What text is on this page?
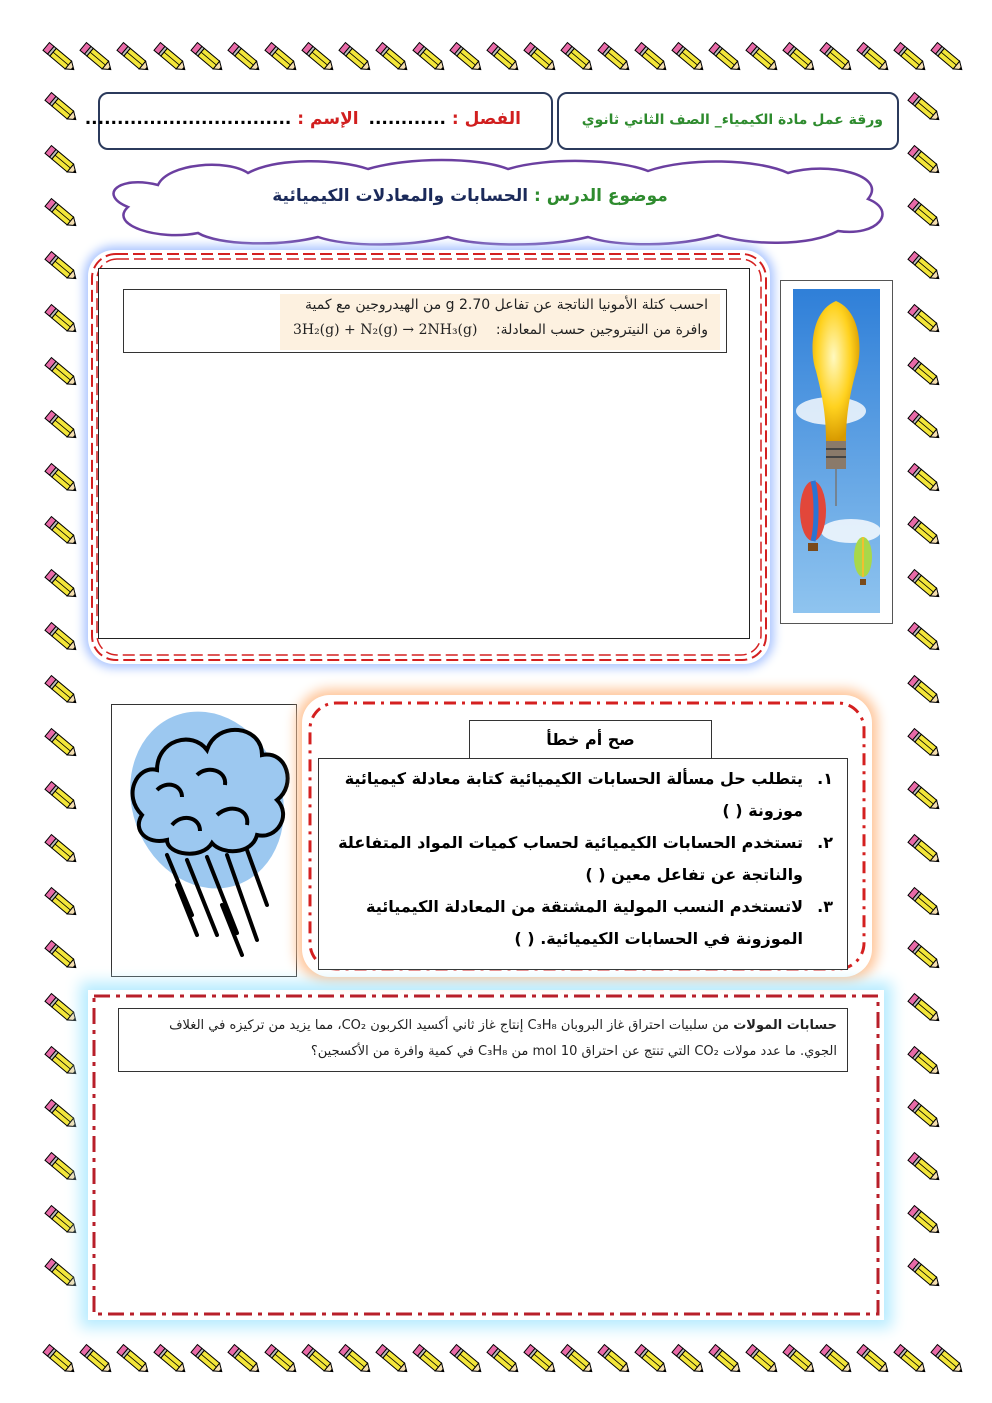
الفصل : ............ الإسم : ................................	ورقة عمل مادة الكيمياء_ الصف الثاني ثانوي
موضوع الدرس : الحسابات والمعادلات الكيميائية
احسب كتلة الأمونيا الناتجة عن تفاعل 2.70 g من الهيدروجين مع كمية
وافرة من النيتروجين حسب المعادلة: 3H₂(g) + N₂(g) → 2NH₃(g)
صح أم خطأ
١.
يتطلب حل مسألة الحسابات الكيميائية كتابة معادلة كيميائية
موزونة ( )
٢.
تستخدم الحسابات الكيميائية لحساب كميات المواد المتفاعلة
والناتجة عن تفاعل معين ( )
٣.
لاتستخدم النسب المولية المشتقة من المعادلة الكيميائية
الموزونة في الحسابات الكيميائية. ( )
حسابات المولات من سلبيات احتراق غاز البروبان C₃H₈ إنتاج غاز ثاني أكسيد الكربون CO₂، مما يزيد من تركيزه في الغلاف
الجوي. ما عدد مولات CO₂ التي تنتج عن احتراق 10 mol من C₃H₈ في كمية وافرة من الأكسجين؟
